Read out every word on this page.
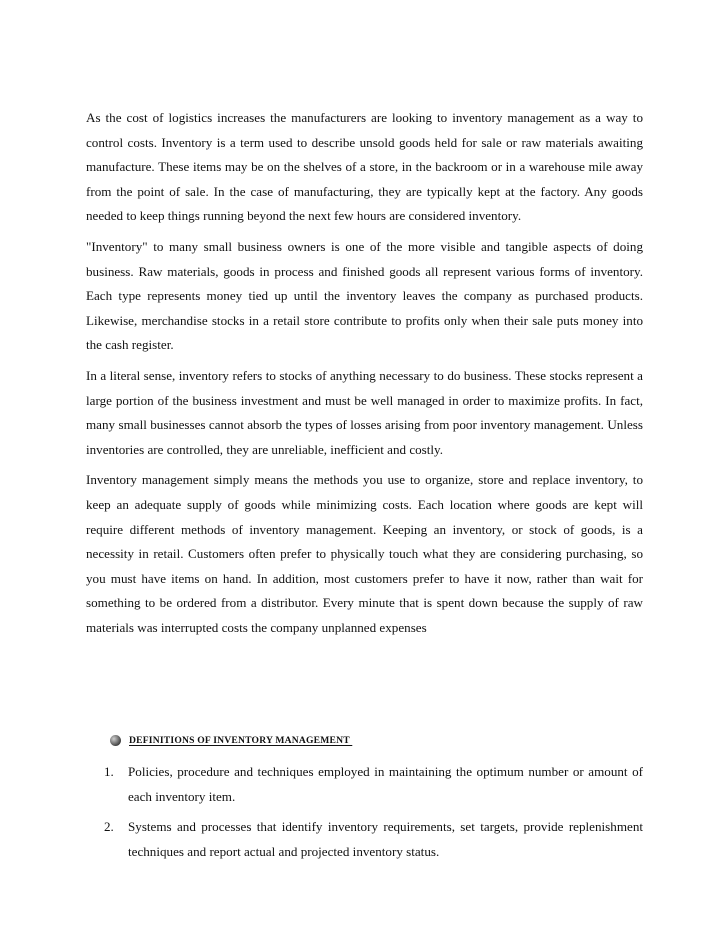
As the cost of logistics increases the manufacturers are looking to inventory management as a way to control costs. Inventory is a term used to describe unsold goods held for sale or raw materials awaiting manufacture. These items may be on the shelves of a store, in the backroom or in a warehouse mile away from the point of sale. In the case of manufacturing, they are typically kept at the factory. Any goods needed to keep things running beyond the next few hours are considered inventory.

"Inventory" to many small business owners is one of the more visible and tangible aspects of doing business. Raw materials, goods in process and finished goods all represent various forms of inventory. Each type represents money tied up until the inventory leaves the company as purchased products. Likewise, merchandise stocks in a retail store contribute to profits only when their sale puts money into the cash register.

In a literal sense, inventory refers to stocks of anything necessary to do business. These stocks represent a large portion of the business investment and must be well managed in order to maximize profits. In fact, many small businesses cannot absorb the types of losses arising from poor inventory management. Unless inventories are controlled, they are unreliable, inefficient and costly.

Inventory management simply means the methods you use to organize, store and replace inventory, to keep an adequate supply of goods while minimizing costs. Each location where goods are kept will require different methods of inventory management. Keeping an inventory, or stock of goods, is a necessity in retail. Customers often prefer to physically touch what they are considering purchasing, so you must have items on hand. In addition, most customers prefer to have it now, rather than wait for something to be ordered from a distributor. Every minute that is spent down because the supply of raw materials was interrupted costs the company unplanned expenses

DEFINITIONS OF INVENTORY MANAGEMENT
1.	Policies, procedure and techniques employed in maintaining the optimum number or amount of each inventory item.
2.	Systems and processes that identify inventory requirements, set targets, provide replenishment techniques and report actual and projected inventory status.
